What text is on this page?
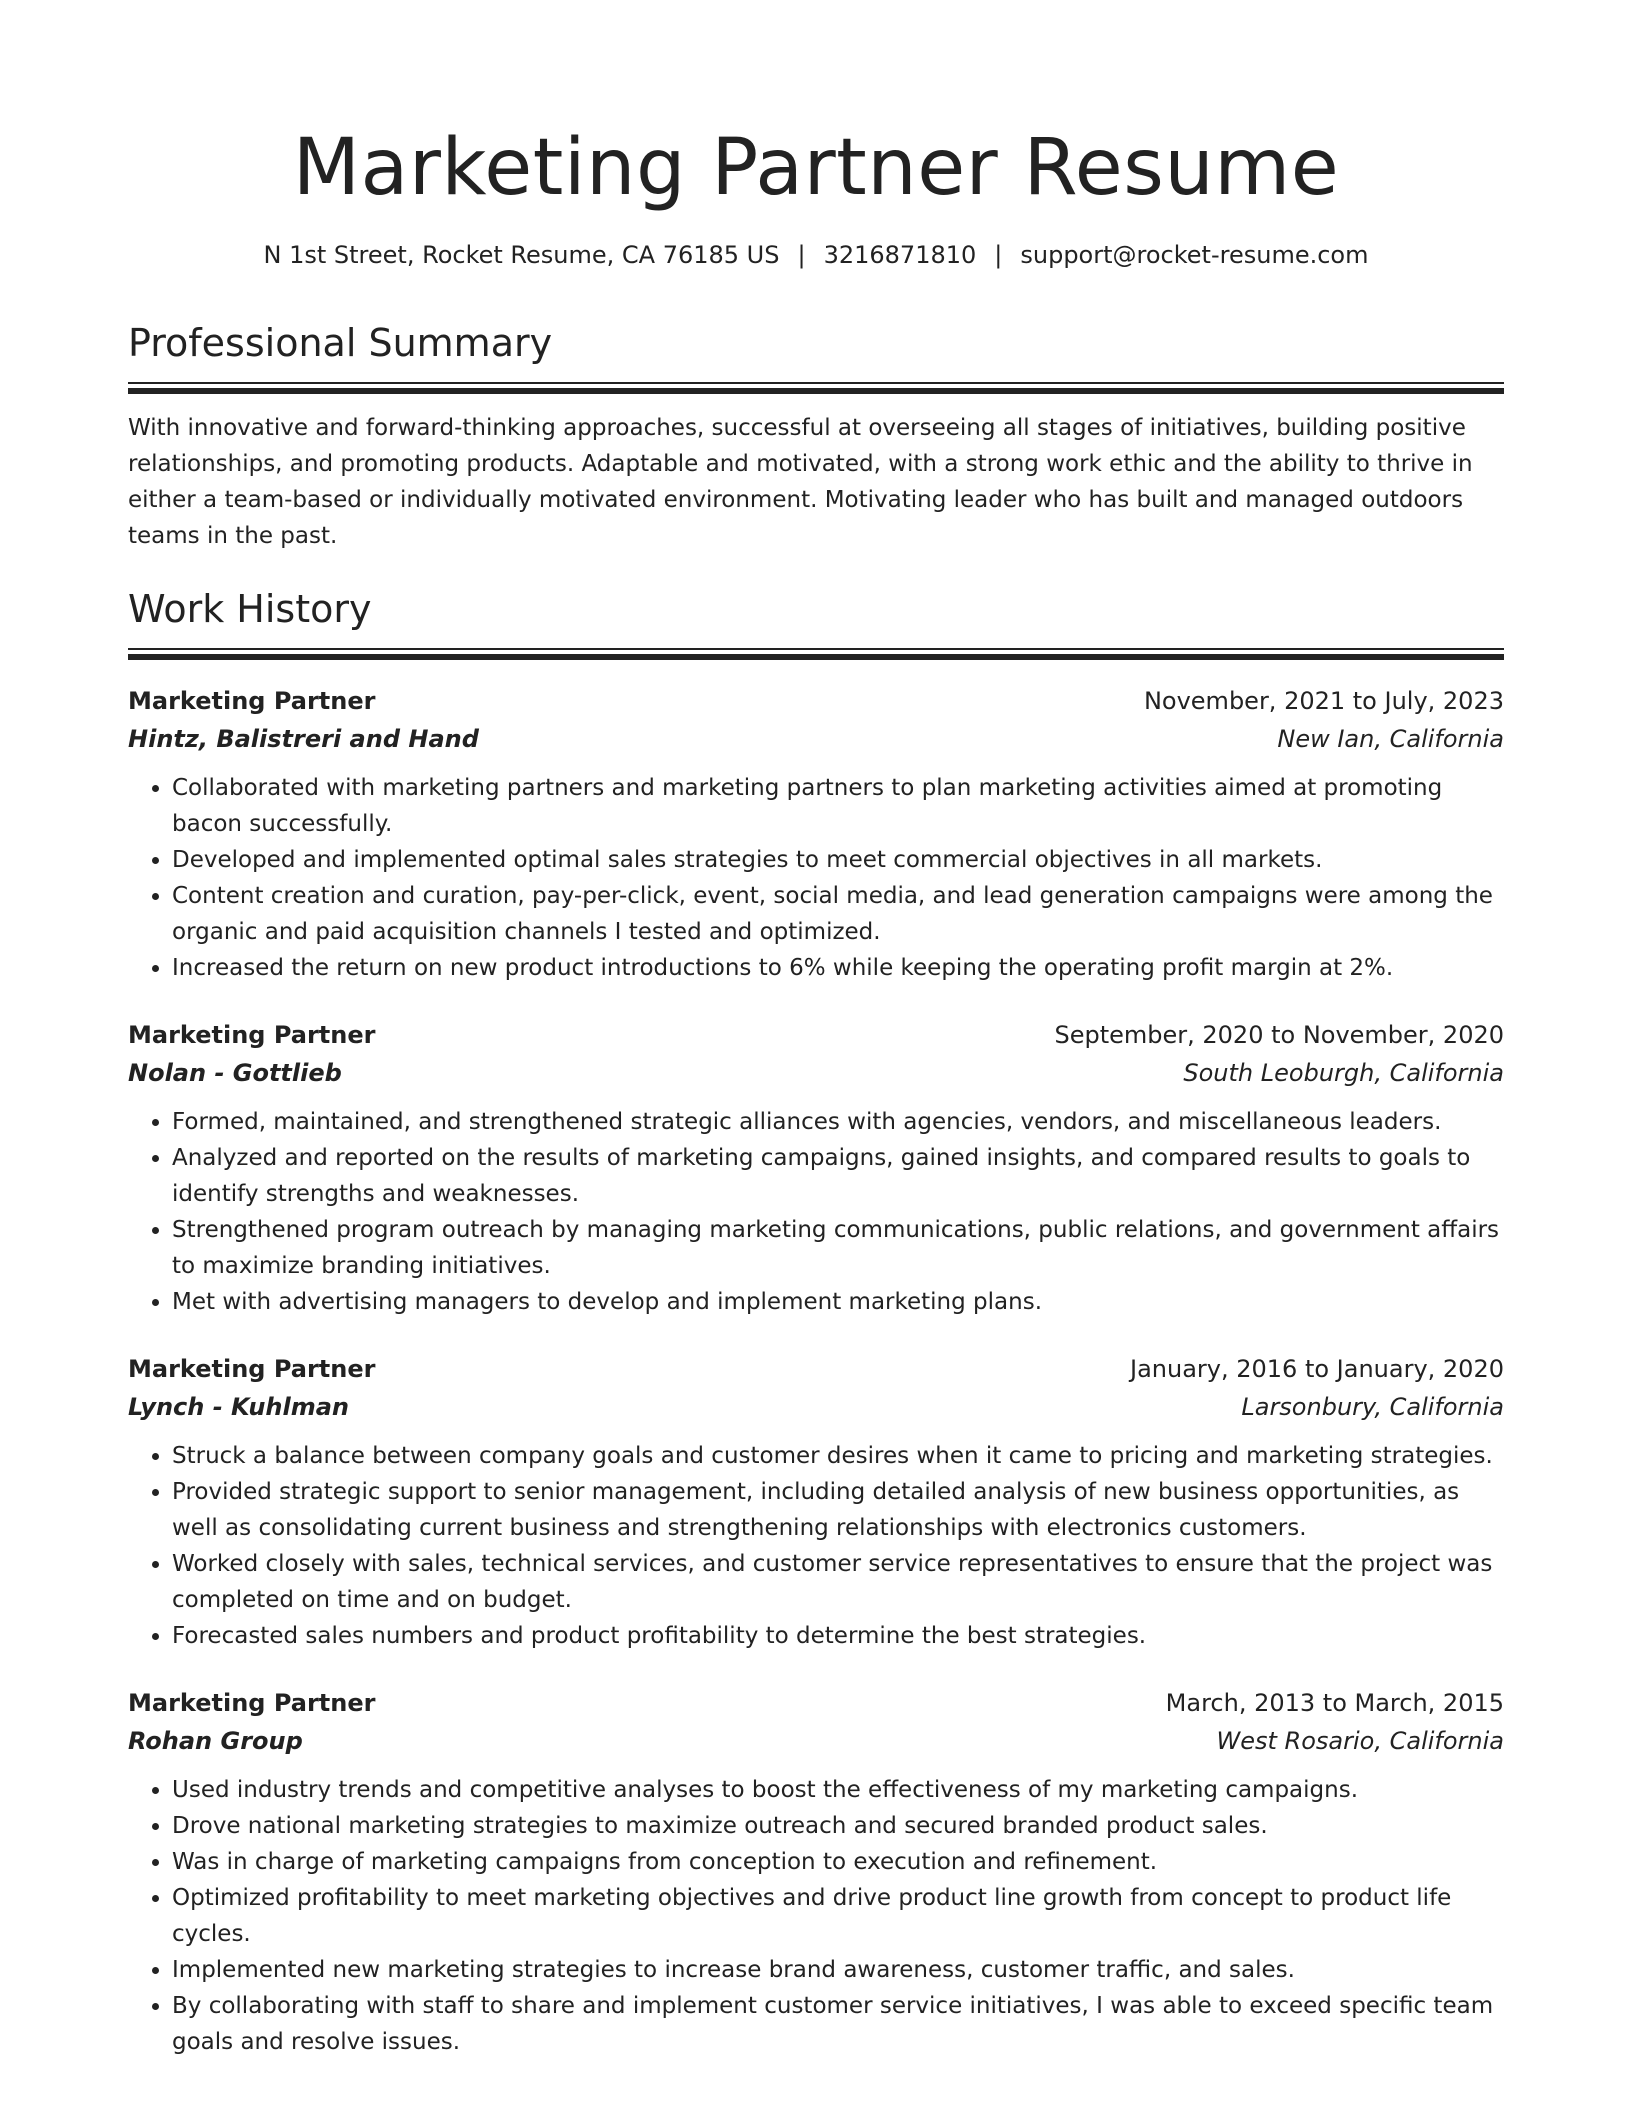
Marketing Partner Resume
N 1st Street, Rocket Resume, CA 76185 US | 3216871810 | support@rocket-resume.com
Professional Summary

With innovative and forward-thinking approaches, successful at overseeing all stages of initiatives, building positive relationships, and promoting products. Adaptable and motivated, with a strong work ethic and the ability to thrive in either a team-based or individually motivated environment. Motivating leader who has built and managed outdoors teams in the past.

Work History
Marketing Partner	November, 2021 to July, 2023
Hintz, Balistreri and Hand	New Ian, California
• Collaborated with marketing partners and marketing partners to plan marketing activities aimed at promoting bacon successfully.
• Developed and implemented optimal sales strategies to meet commercial objectives in all markets.
• Content creation and curation, pay-per-click, event, social media, and lead generation campaigns were among the organic and paid acquisition channels I tested and optimized.
• Increased the return on new product introductions to 6% while keeping the operating profit margin at 2%.
Marketing Partner	September, 2020 to November, 2020
Nolan - Gottlieb	South Leoburgh, California
• Formed, maintained, and strengthened strategic alliances with agencies, vendors, and miscellaneous leaders.
• Analyzed and reported on the results of marketing campaigns, gained insights, and compared results to goals to identify strengths and weaknesses.
• Strengthened program outreach by managing marketing communications, public relations, and government affairs to maximize branding initiatives.
• Met with advertising managers to develop and implement marketing plans.
Marketing Partner	January, 2016 to January, 2020
Lynch - Kuhlman	Larsonbury, California
• Struck a balance between company goals and customer desires when it came to pricing and marketing strategies.
• Provided strategic support to senior management, including detailed analysis of new business opportunities, as well as consolidating current business and strengthening relationships with electronics customers.
• Worked closely with sales, technical services, and customer service representatives to ensure that the project was completed on time and on budget.
• Forecasted sales numbers and product profitability to determine the best strategies.
Marketing Partner	March, 2013 to March, 2015
Rohan Group	West Rosario, California
• Used industry trends and competitive analyses to boost the effectiveness of my marketing campaigns.
• Drove national marketing strategies to maximize outreach and secured branded product sales.
• Was in charge of marketing campaigns from conception to execution and refinement.
• Optimized profitability to meet marketing objectives and drive product line growth from concept to product life cycles.
• Implemented new marketing strategies to increase brand awareness, customer traffic, and sales.
• By collaborating with staff to share and implement customer service initiatives, I was able to exceed specific team goals and resolve issues.
